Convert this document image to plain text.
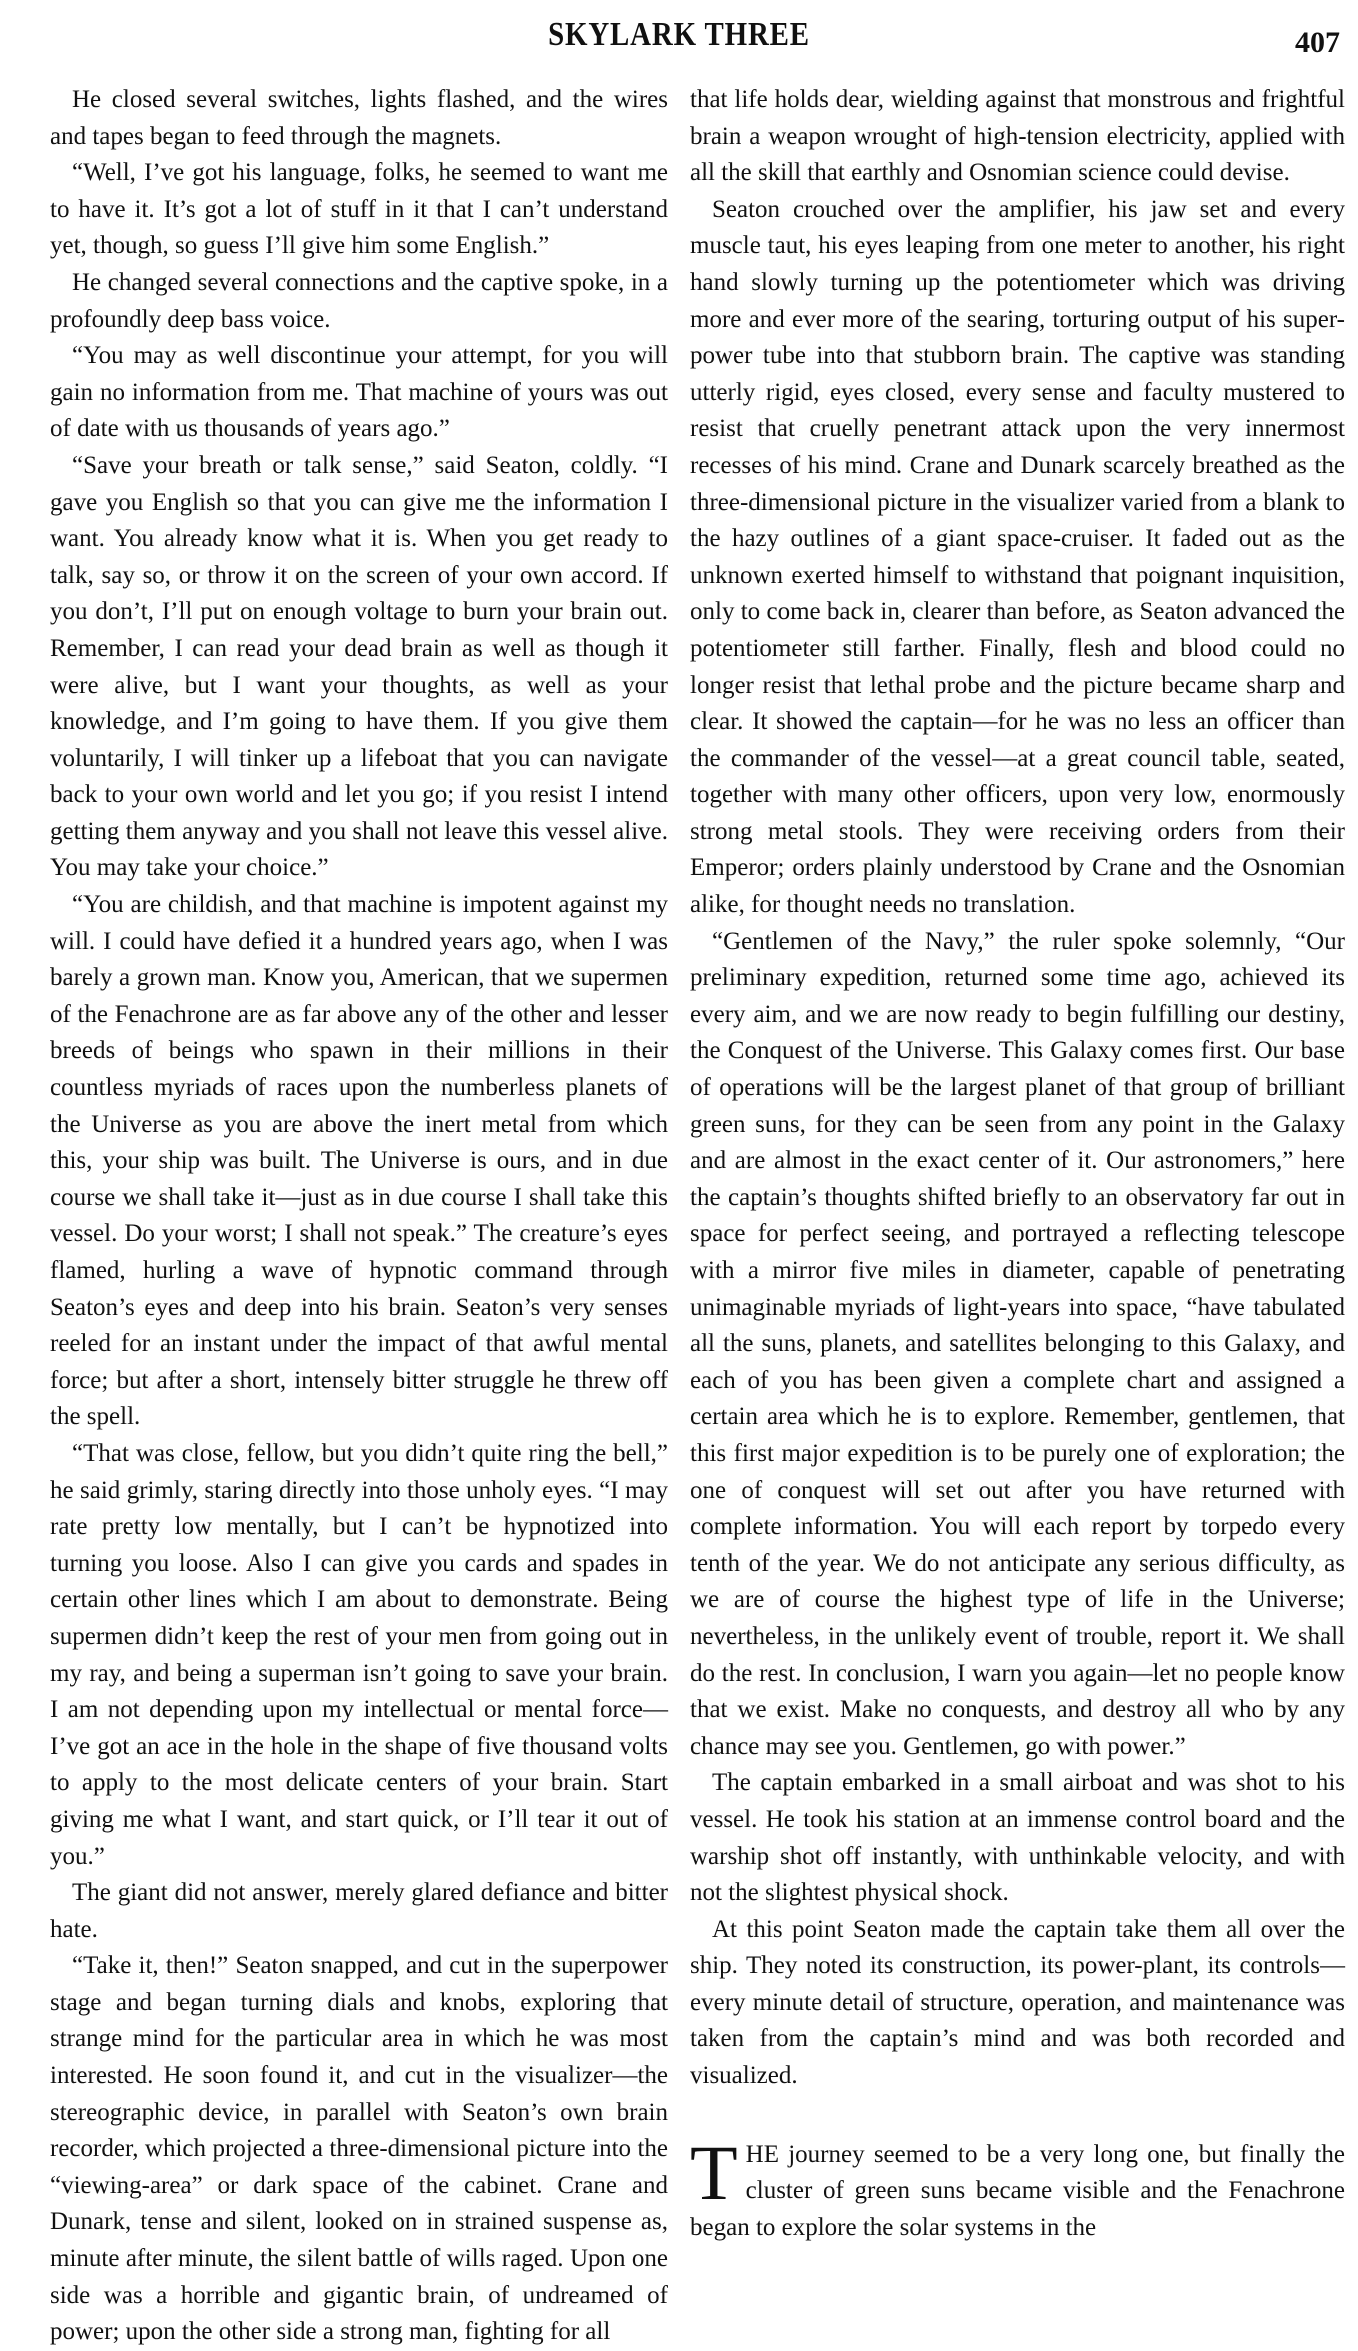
SKYLARK THREE	407

He closed several switches, lights flashed, and the wires and tapes began to feed through the magnets.

“Well, I’ve got his language, folks, he seemed to want me to have it. It’s got a lot of stuff in it that I can’t understand yet, though, so guess I’ll give him some English.”

He changed several connections and the captive spoke, in a profoundly deep bass voice.

“You may as well discontinue your attempt, for you will gain no information from me. That machine of yours was out of date with us thousands of years ago.”

“Save your breath or talk sense,” said Seaton, coldly. “I gave you English so that you can give me the information I want. You already know what it is. When you get ready to talk, say so, or throw it on the screen of your own accord. If you don’t, I’ll put on enough voltage to burn your brain out. Remember, I can read your dead brain as well as though it were alive, but I want your thoughts, as well as your knowledge, and I’m going to have them. If you give them voluntarily, I will tinker up a lifeboat that you can navigate back to your own world and let you go; if you resist I intend getting them anyway and you shall not leave this vessel alive. You may take your choice.”

“You are childish, and that machine is impotent against my will. I could have defied it a hundred years ago, when I was barely a grown man. Know you, American, that we supermen of the Fenachrone are as far above any of the other and lesser breeds of beings who spawn in their millions in their countless myriads of races upon the numberless planets of the Universe as you are above the inert metal from which this, your ship was built. The Universe is ours, and in due course we shall take it—just as in due course I shall take this vessel. Do your worst; I shall not speak.” The creature’s eyes flamed, hurling a wave of hypnotic command through Seaton’s eyes and deep into his brain. Seaton’s very senses reeled for an instant under the impact of that awful mental force; but after a short, intensely bitter struggle he threw off the spell.

“That was close, fellow, but you didn’t quite ring the bell,” he said grimly, staring directly into those unholy eyes. “I may rate pretty low mentally, but I can’t be hypnotized into turning you loose. Also I can give you cards and spades in certain other lines which I am about to demonstrate. Being supermen didn’t keep the rest of your men from going out in my ray, and being a superman isn’t going to save your brain. I am not depending upon my intellectual or mental force—I’ve got an ace in the hole in the shape of five thousand volts to apply to the most delicate centers of your brain. Start giving me what I want, and start quick, or I’ll tear it out of you.”

The giant did not answer, merely glared defiance and bitter hate.

“Take it, then!” Seaton snapped, and cut in the superpower stage and began turning dials and knobs, exploring that strange mind for the particular area in which he was most interested. He soon found it, and cut in the visualizer—the stereographic device, in parallel with Seaton’s own brain recorder, which projected a three-dimensional picture into the “viewing-area” or dark space of the cabinet. Crane and Dunark, tense and silent, looked on in strained suspense as, minute after minute, the silent battle of wills raged. Upon one side was a horrible and gigantic brain, of undreamed of power; upon the other side a strong man, fighting for all

that life holds dear, wielding against that monstrous and frightful brain a weapon wrought of high-tension electricity, applied with all the skill that earthly and Osnomian science could devise.

Seaton crouched over the amplifier, his jaw set and every muscle taut, his eyes leaping from one meter to another, his right hand slowly turning up the potentiometer which was driving more and ever more of the searing, torturing output of his super-power tube into that stubborn brain. The captive was standing utterly rigid, eyes closed, every sense and faculty mustered to resist that cruelly penetrant attack upon the very innermost recesses of his mind. Crane and Dunark scarcely breathed as the three-dimensional picture in the visualizer varied from a blank to the hazy outlines of a giant space-cruiser. It faded out as the unknown exerted himself to withstand that poignant inquisition, only to come back in, clearer than before, as Seaton advanced the potentiometer still farther. Finally, flesh and blood could no longer resist that lethal probe and the picture became sharp and clear. It showed the captain—for he was no less an officer than the commander of the vessel—at a great council table, seated, together with many other officers, upon very low, enormously strong metal stools. They were receiving orders from their Emperor; orders plainly understood by Crane and the Osnomian alike, for thought needs no translation.

“Gentlemen of the Navy,” the ruler spoke solemnly, “Our preliminary expedition, returned some time ago, achieved its every aim, and we are now ready to begin fulfilling our destiny, the Conquest of the Universe. This Galaxy comes first. Our base of operations will be the largest planet of that group of brilliant green suns, for they can be seen from any point in the Galaxy and are almost in the exact center of it. Our astronomers,” here the captain’s thoughts shifted briefly to an observatory far out in space for perfect seeing, and portrayed a reflecting telescope with a mirror five miles in diameter, capable of penetrating unimaginable myriads of light-years into space, “have tabulated all the suns, planets, and satellites belonging to this Galaxy, and each of you has been given a complete chart and assigned a certain area which he is to explore. Remember, gentlemen, that this first major expedition is to be purely one of exploration; the one of conquest will set out after you have returned with complete information. You will each report by torpedo every tenth of the year. We do not anticipate any serious difficulty, as we are of course the highest type of life in the Universe; nevertheless, in the unlikely event of trouble, report it. We shall do the rest. In conclusion, I warn you again—let no people know that we exist. Make no conquests, and destroy all who by any chance may see you. Gentlemen, go with power.”

The captain embarked in a small airboat and was shot to his vessel. He took his station at an immense control board and the warship shot off instantly, with unthinkable velocity, and with not the slightest physical shock.

At this point Seaton made the captain take them all over the ship. They noted its construction, its power-plant, its controls—every minute detail of structure, operation, and maintenance was taken from the captain’s mind and was both recorded and visualized.

THE journey seemed to be a very long one, but finally the cluster of green suns became visible and the Fenachrone began to explore the solar systems in the
